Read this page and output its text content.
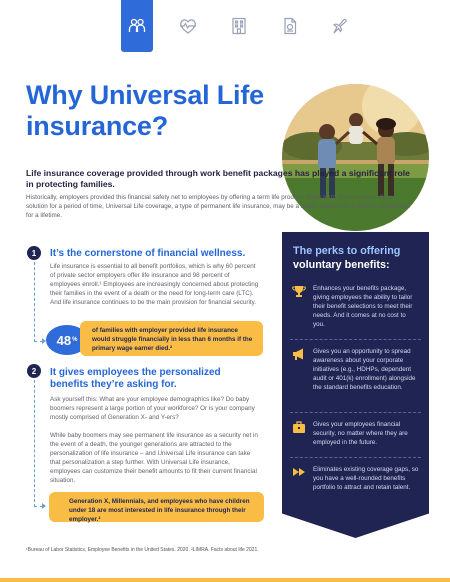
Why Universal Life insurance?

Life insurance coverage provided through work benefit packages has played a significant role in protecting families.

Historically, employers provided this financial safety net to employees by offering a term life product. While term life insurance offers a solution for a period of time, Universal Life coverage, a type of permanent life insurance, may be a better solution as it protects employees for a lifetime.

1	It’s the cornerstone of financial wellness.

Life insurance is essential to all benefit portfolios, which is why 60 percent of private sector employers offer life insurance and 98 percent of employees enroll.¹ Employees are increasingly concerned about protecting their families in the event of a death or the need for long-term care (LTC). And life insurance continues to be the main provision for financial security.

48 %
of families with employer provided life insurance would struggle financially in less than 6 months if the primary wage earner died.²
2	It gives employees the personalized benefits they’re asking for.

Ask yourself this: What are your employee demographics like? Do baby boomers represent a large portion of your workforce? Or is your company mostly comprised of Generation X- and Y-ers?

While baby boomers may see permanent life insurance as a security net in the event of a death, the younger generations are attracted to the personalization of life insurance – and Universal Life insurance can take that personalization a step further. With Universal Life insurance, employees can customize their benefit amounts to fit their current financial situation.

Generation X, Millennials, and employees who have children under 18 are most interested in life insurance through their employer.²
The perks to offering
voluntary benefits:

Enhances your benefits package, giving employees the ability to tailor their benefit selections to meet their needs. And it comes at no cost to you.

Gives you an opportunity to spread awareness about your corporate initiatives (e.g., HDHPs, dependent audit or 401(k) enrollment) alongside the standard benefits education.

Gives your employees financial security, no matter where they are employed in the future.

Eliminates existing coverage gaps, so you have a well-rounded benefits portfolio to attract and retain talent.

¹Bureau of Labor Statistics, Employee Benefits in the United States. 2020. ²LIMRA. Facts about life 2021.
